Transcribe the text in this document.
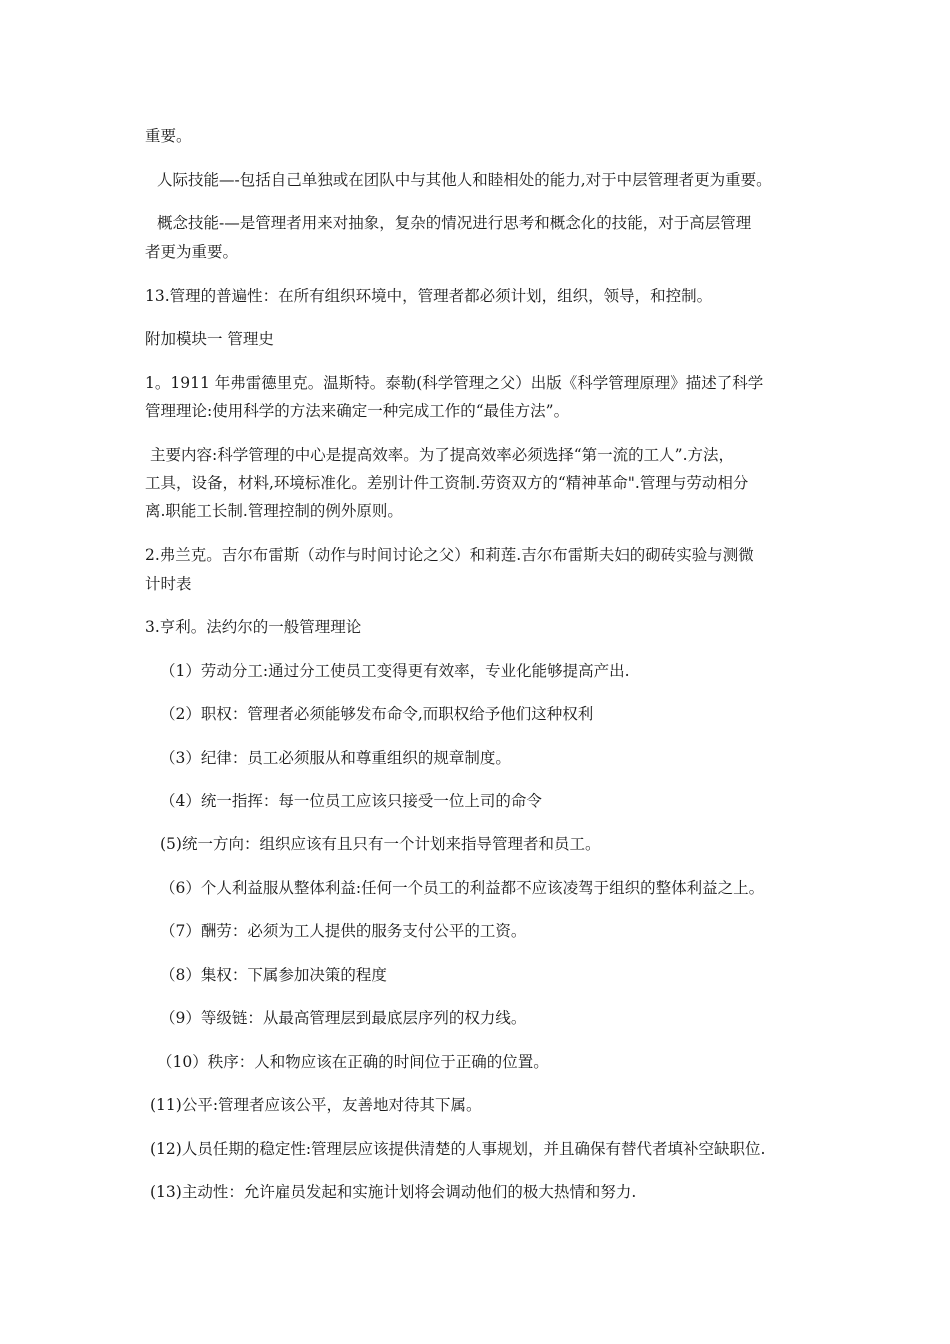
重要。
人际技能—-包括自己单独或在团队中与其他人和睦相处的能力,对于中层管理者更为重要。
概念技能-—是管理者用来对抽象，复杂的情况进行思考和概念化的技能，对于高层管理
者更为重要。
13.管理的普遍性：在所有组织环境中，管理者都必须计划，组织，领导，和控制。
附加模块一 管理史
1。1911 年弗雷德里克。温斯特。泰勒(科学管理之父）出版《科学管理原理》描述了科学
管理理论:使用科学的方法来确定一种完成工作的“最佳方法”。
主要内容:科学管理的中心是提高效率。为了提高效率必须选择“第一流的工人”.方法，
工具，设备，材料,环境标准化。差别计件工资制.劳资双方的“精神革命".管理与劳动相分
离.职能工长制.管理控制的例外原则。
2.弗兰克。吉尔布雷斯（动作与时间讨论之父）和莉莲.吉尔布雷斯夫妇的砌砖实验与测微
计时表
3.亨利。法约尔的一般管理理论
（1）劳动分工:通过分工使员工变得更有效率，专业化能够提高产出.
（2）职权：管理者必须能够发布命令,而职权给予他们这种权利
（3）纪律：员工必须服从和尊重组织的规章制度。
（4）统一指挥：每一位员工应该只接受一位上司的命令
(5)统一方向：组织应该有且只有一个计划来指导管理者和员工。
（6）个人利益服从整体利益:任何一个员工的利益都不应该凌驾于组织的整体利益之上。
（7）酬劳：必须为工人提供的服务支付公平的工资。
（8）集权：下属参加决策的程度
（9）等级链：从最高管理层到最底层序列的权力线。
（10）秩序：人和物应该在正确的时间位于正确的位置。
(11)公平:管理者应该公平，友善地对待其下属。
(12)人员任期的稳定性:管理层应该提供清楚的人事规划，并且确保有替代者填补空缺职位.
(13)主动性：允许雇员发起和实施计划将会调动他们的极大热情和努力.
